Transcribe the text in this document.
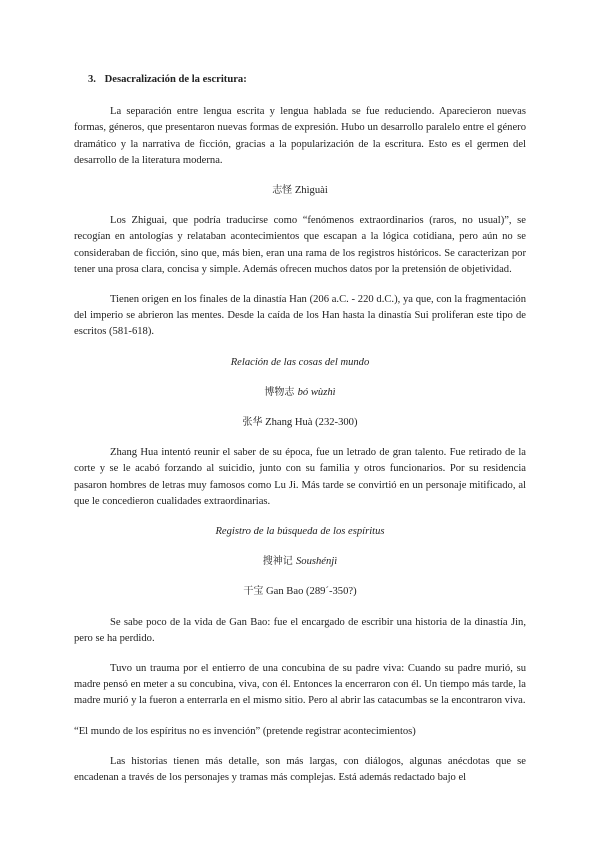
3. Desacralización de la escritura:

La separación entre lengua escrita y lengua hablada se fue reduciendo. Aparecieron nuevas formas, géneros, que presentaron nuevas formas de expresión. Hubo un desarrollo paralelo entre el género dramático y la narrativa de ficción, gracias a la popularización de la escritura. Esto es el germen del desarrollo de la literatura moderna.

志怪 Zhìguài

Los Zhiguai, que podría traducirse como “fenómenos extraordinarios (raros, no usual)”, se recogían en antologías y relataban acontecimientos que escapan a la lógica cotidiana, pero aún no se consideraban de ficción, sino que, más bien, eran una rama de los registros históricos. Se caracterizan por tener una prosa clara, concisa y simple. Además ofrecen muchos datos por la pretensión de objetividad.

Tienen origen en los finales de la dinastía Han (206 a.C. - 220 d.C.), ya que, con la fragmentación del imperio se abrieron las mentes. Desde la caída de los Han hasta la dinastía Sui proliferan este tipo de escritos (581-618).

Relación de las cosas del mundo
博物志 bó wùzhì
张华 Zhang Huà (232-300)

Zhang Hua intentó reunir el saber de su época, fue un letrado de gran talento. Fue retirado de la corte y se le acabó forzando al suicidio, junto con su familia y otros funcionarios. Por su residencia pasaron hombres de letras muy famosos como Lu Ji. Más tarde se convirtió en un personaje mitificado, al que le concedieron cualidades extraordinarias.

Registro de la búsqueda de los espíritus
搜神记 Soushénjì
干宝 Gan Bao (289´-350?)

Se sabe poco de la vida de Gan Bao: fue el encargado de escribir una historia de la dinastía Jin, pero se ha perdido.

Tuvo un trauma por el entierro de una concubina de su padre viva: Cuando su padre murió, su madre pensó en meter a su concubina, viva, con él. Entonces la encerraron con él. Un tiempo más tarde, la madre murió y la fueron a enterrarla en el mismo sitio. Pero al abrir las catacumbas se la encontraron viva.

“El mundo de los espíritus no es invención” (pretende registrar acontecimientos)

Las historias tienen más detalle, son más largas, con diálogos, algunas anécdotas que se encadenan a través de los personajes y tramas más complejas. Está además redactado bajo el
